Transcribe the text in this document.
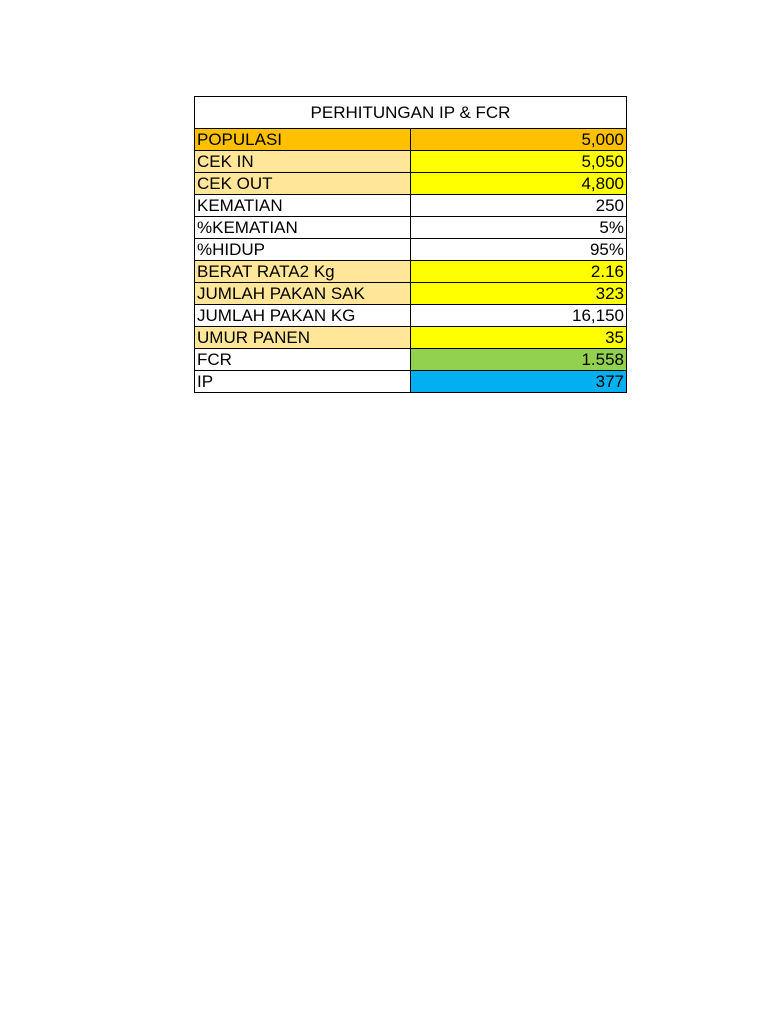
PERHITUNGAN IP & FCR	
POPULASI	5,000
CEK IN	5,050
CEK OUT	4,800
KEMATIAN	250
%KEMATIAN	5%
%HIDUP	95%
BERAT RATA2 Kg	2.16
JUMLAH PAKAN SAK	323
JUMLAH PAKAN KG	16,150
UMUR PANEN	35
FCR	1.558
IP	377
